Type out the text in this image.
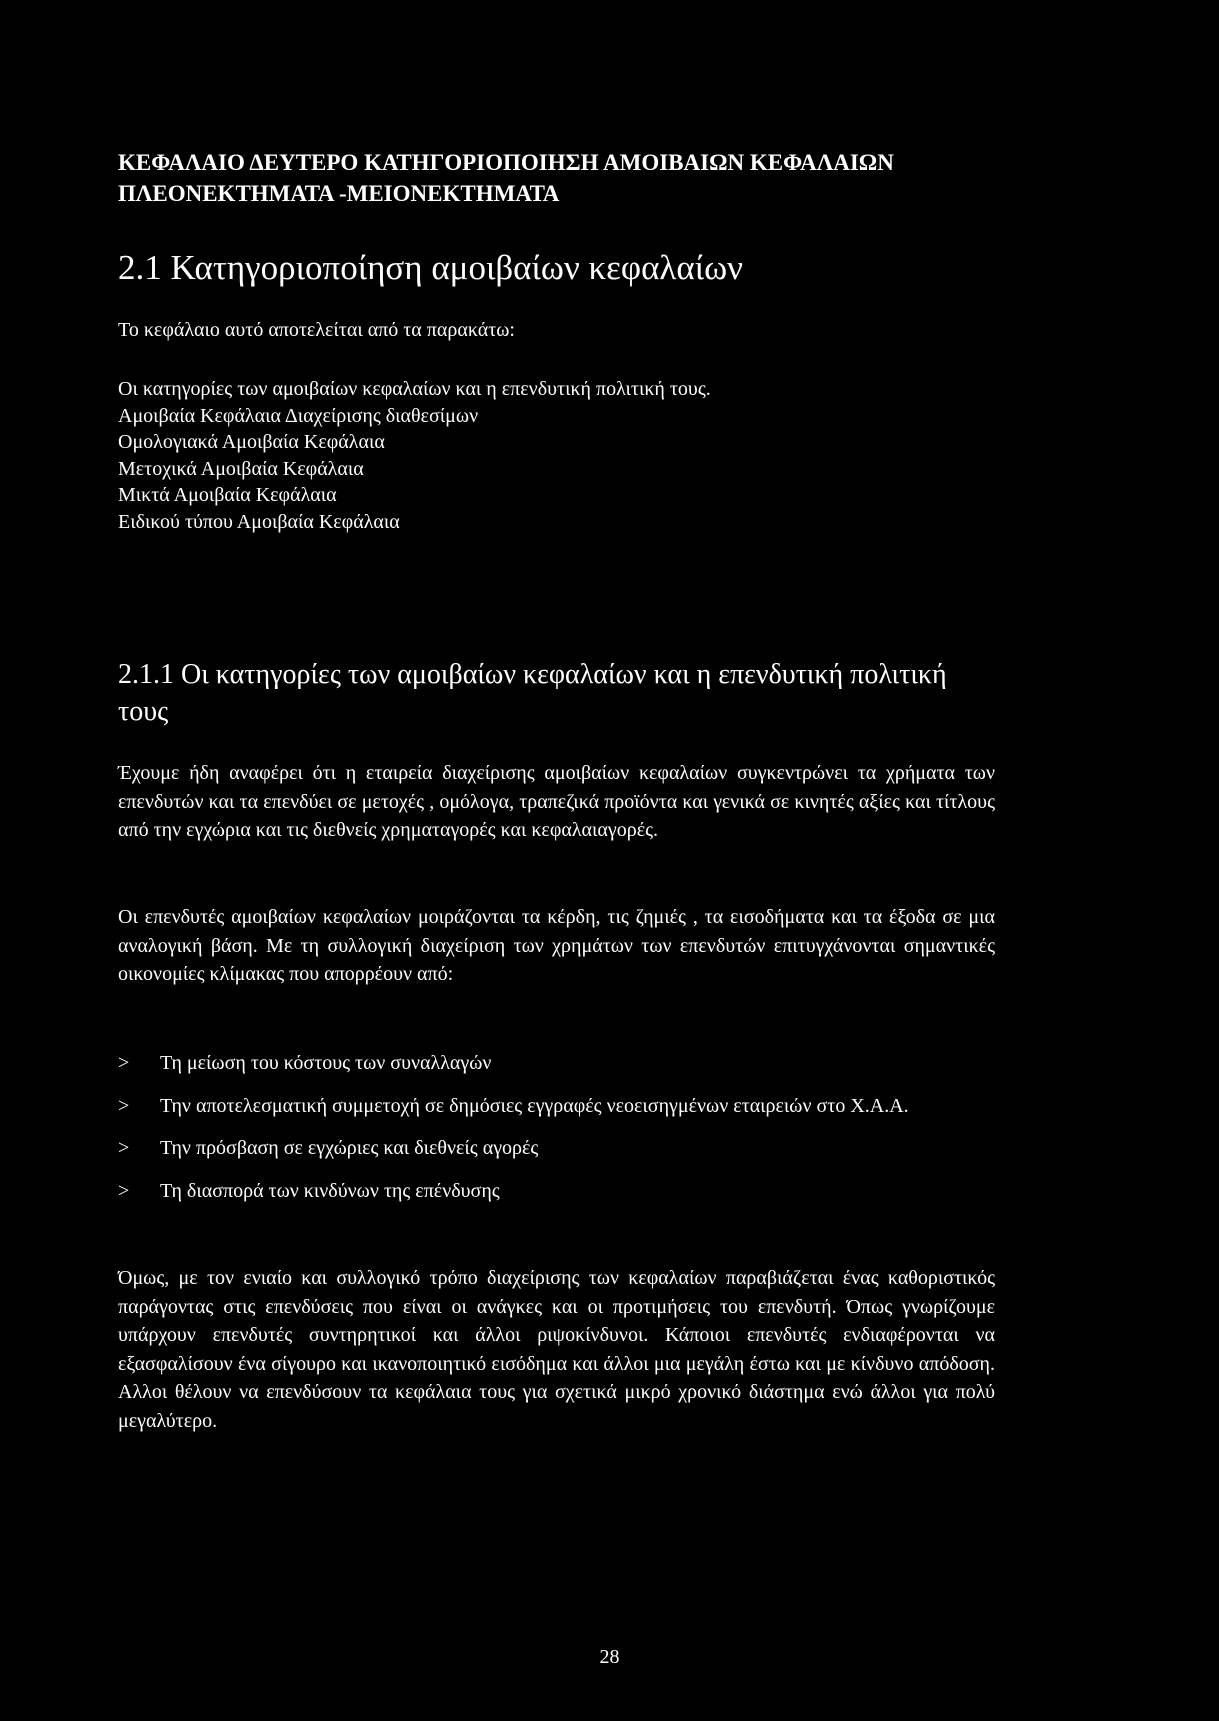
ΚΕΦΑΛΑΙΟ ΔΕΥΤΕΡΟ ΚΑΤΗΓΟΡΙΟΠΟΙΗΣΗ ΑΜΟΙΒΑΙΩΝ ΚΕΦΑΛΑΙΩΝ ΠΛΕΟΝΕΚΤΗΜΑΤΑ -ΜΕΙΟΝΕΚΤΗΜΑΤΑ
2.1 Κατηγοριοποίηση αμοιβαίων κεφαλαίων

Το κεφάλαιο αυτό αποτελείται από τα παρακάτω:

Οι κατηγορίες των αμοιβαίων κεφαλαίων και η επενδυτική πολιτική τους.
Αμοιβαία Κεφάλαια Διαχείρισης διαθεσίμων
Ομολογιακά Αμοιβαία Κεφάλαια
Μετοχικά Αμοιβαία Κεφάλαια
Μικτά Αμοιβαία Κεφάλαια
Ειδικού τύπου Αμοιβαία Κεφάλαια
2.1.1 Οι κατηγορίες των αμοιβαίων κεφαλαίων και η επενδυτική πολιτική τους

Έχουμε ήδη αναφέρει ότι η εταιρεία διαχείρισης αμοιβαίων κεφαλαίων συγκεντρώνει τα χρήματα των επενδυτών και τα επενδύει σε μετοχές , ομόλογα, τραπεζικά προϊόντα και γενικά σε κινητές αξίες και τίτλους από την εγχώρια και τις διεθνείς χρηματαγορές και κεφαλαιαγορές.

Οι επενδυτές αμοιβαίων κεφαλαίων μοιράζονται τα κέρδη, τις ζημιές , τα εισοδήματα και τα έξοδα σε μια αναλογική βάση. Με τη συλλογική διαχείριση των χρημάτων των επενδυτών επιτυγχάνονται σημαντικές οικονομίες κλίμακας που απορρέουν από:

> Τη μείωση του κόστους των συναλλαγών
> Την αποτελεσματική συμμετοχή σε δημόσιες εγγραφές νεοεισηγμένων εταιρειών στο Χ.Α.Α.
> Την πρόσβαση σε εγχώριες και διεθνείς αγορές
> Τη διασπορά των κινδύνων της επένδυσης

Όμως, με τον ενιαίο και συλλογικό τρόπο διαχείρισης των κεφαλαίων παραβιάζεται ένας καθοριστικός παράγοντας στις επενδύσεις που είναι οι ανάγκες και οι προτιμήσεις του επενδυτή. Όπως γνωρίζουμε υπάρχουν επενδυτές συντηρητικοί και άλλοι ριψοκίνδυνοι. Κάποιοι επενδυτές ενδιαφέρονται να εξασφαλίσουν ένα σίγουρο και ικανοποιητικό εισόδημα και άλλοι μια μεγάλη έστω και με κίνδυνο απόδοση. Αλλοι θέλουν να επενδύσουν τα κεφάλαια τους για σχετικά μικρό χρονικό διάστημα ενώ άλλοι για πολύ μεγαλύτερο.

28
